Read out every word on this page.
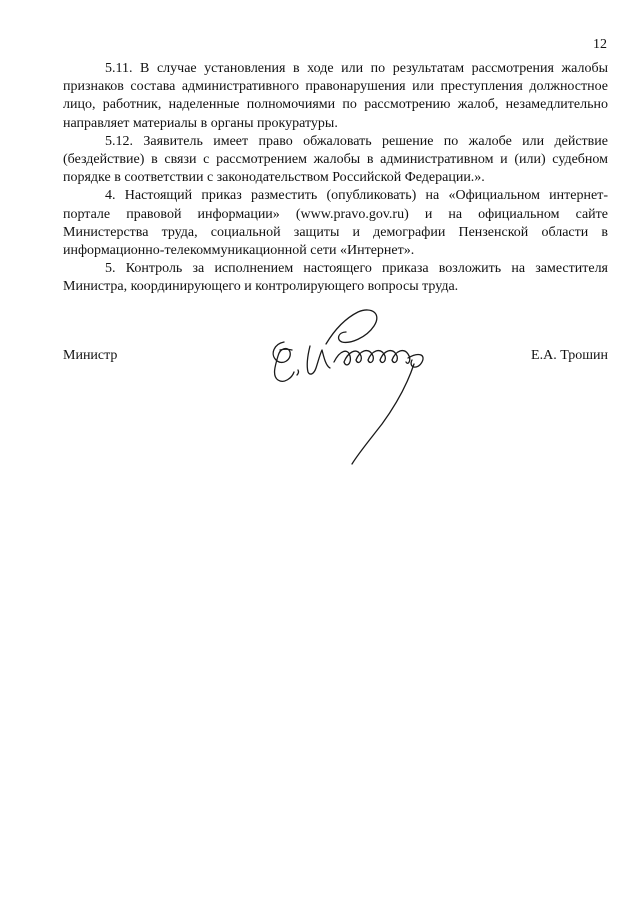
12

5.11. В случае установления в ходе или по результатам рассмотрения жалобы признаков состава административного правонарушения или преступления должностное лицо, работник, наделенные полномочиями по рассмотрению жалоб, незамедлительно направляет материалы в органы прокуратуры.

5.12. Заявитель имеет право обжаловать решение по жалобе или действие (бездействие) в связи с рассмотрением жалобы в административном и (или) судебном порядке в соответствии с законодательством Российской Федерации.».

4. Настоящий приказ разместить (опубликовать) на «Официальном интернет-портале правовой информации» (www.pravo.gov.ru) и на официальном сайте Министерства труда, социальной защиты и демографии Пензенской области в информационно-телекоммуникационной сети «Интернет».

5. Контроль за исполнением настоящего приказа возложить на заместителя Министра, координирующего и контролирующего вопросы труда.

Министр	Е.А. Трошин
